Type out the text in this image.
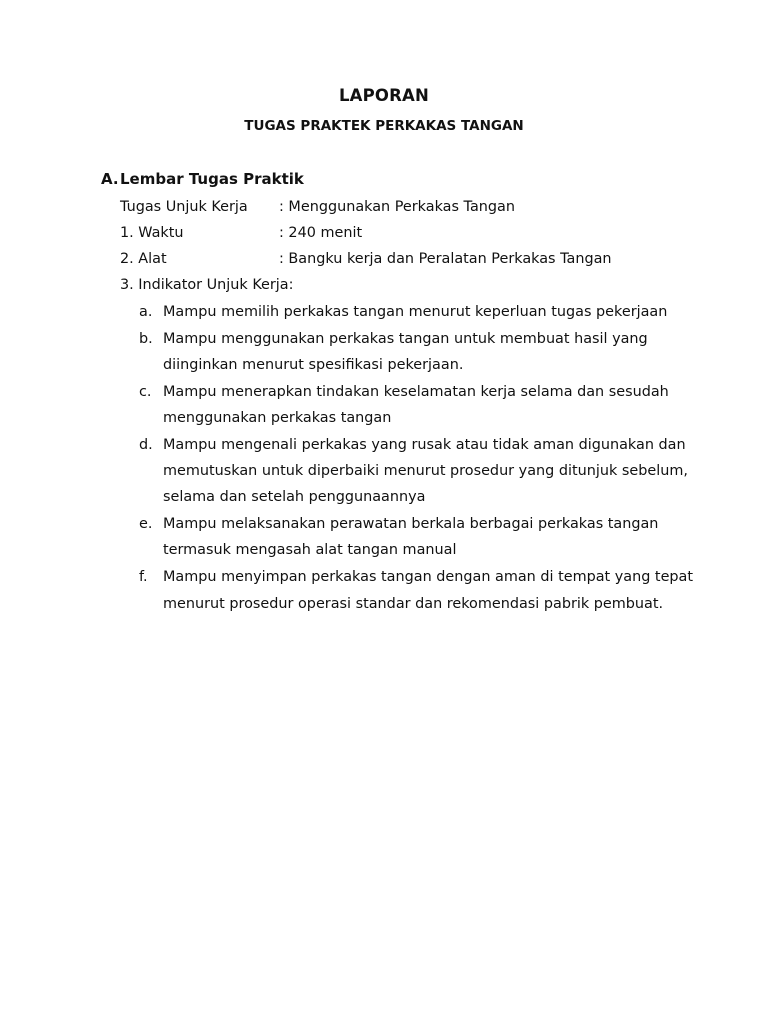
LAPORAN
TUGAS PRAKTEK PERKAKAS TANGAN
A.Lembar Tugas Praktik
Tugas Unjuk Kerja : Menggunakan Perkakas Tangan
1. Waktu	: 240 menit
2. Alat	: Bangku kerja dan Peralatan Perkakas Tangan
3. Indikator Unjuk Kerja:
a. Mampu memilih perkakas tangan menurut keperluan tugas pekerjaan
b. Mampu menggunakan perkakas tangan untuk membuat hasil yang
diinginkan menurut spesifikasi pekerjaan.
c. Mampu menerapkan tindakan keselamatan kerja selama dan sesudah
menggunakan perkakas tangan
d. Mampu mengenali perkakas yang rusak atau tidak aman digunakan dan
memutuskan untuk diperbaiki menurut prosedur yang ditunjuk sebelum,
selama dan setelah penggunaannya
e. Mampu melaksanakan perawatan berkala berbagai perkakas tangan
termasuk mengasah alat tangan manual
f. Mampu menyimpan perkakas tangan dengan aman di tempat yang tepat
menurut prosedur operasi standar dan rekomendasi pabrik pembuat.
